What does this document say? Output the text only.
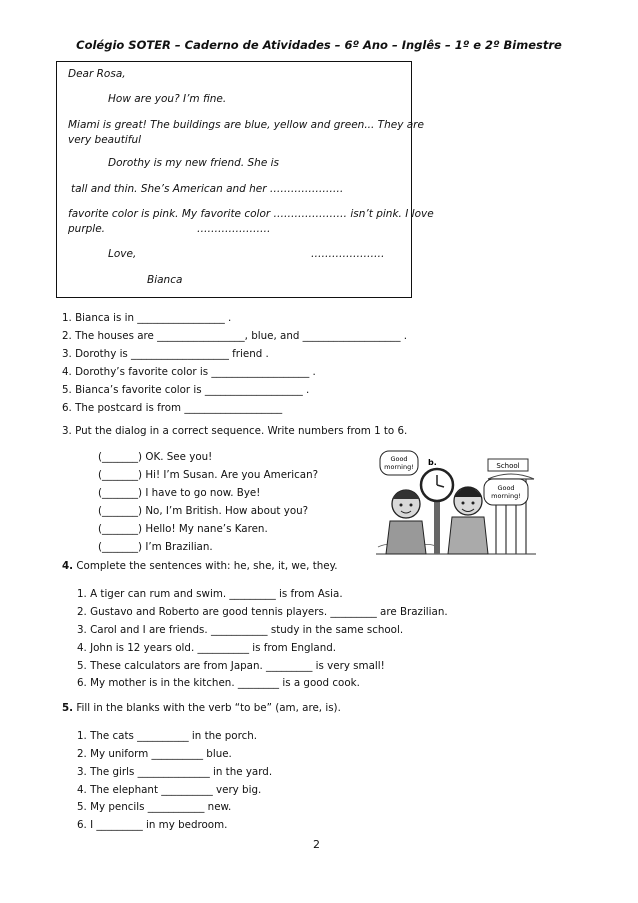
Colégio SOTER – Caderno de Atividades – 6º Ano – Inglês – 1º e 2º Bimestre
Dear Rosa,
How are you? I’m fine.
Miami is great! The buildings are blue, yellow and green... They are
very beautiful
Dorothy is my new friend. She is
tall and thin. She’s American and her …………………
favorite color is pink. My favorite color ………………… isn’t pink. I love
purple.	…………………
Love,	…………………
Bianca
1. Bianca is in _________________ .
2. The houses are _________________, blue, and ___________________ .
3. Dorothy is ___________________ friend .
4. Dorothy’s favorite color is ___________________ .
5. Bianca’s favorite color is ___________________ .
6. The postcard is from ___________________
3. Put the dialog in a correct sequence. Write numbers from 1 to 6.
(_______) OK. See you!
(_______) Hi! I’m Susan. Are you American?
(_______) I have to go now. Bye!
(_______) No, I’m British. How about you?
(_______) Hello! My nane’s Karen.
(_______) I’m Brazilian.
School
Good morning!
Good morning!
b.
4. Complete the sentences with: he, she, it, we, they.
1. A tiger can rum and swim. _________ is from Asia.
2. Gustavo and Roberto are good tennis players. _________ are Brazilian.
3. Carol and I are friends. ___________ study in the same school.
4. John is 12 years old. __________ is from England.
5. These calculators are from Japan. _________ is very small!
6. My mother is in the kitchen. ________ is a good cook.
5. Fill in the blanks with the verb “to be” (am, are, is).
1. The cats __________ in the porch.
2. My uniform __________ blue.
3. The girls ______________ in the yard.
4. The elephant __________ very big.
5. My pencils ___________ new.
6. I _________ in my bedroom.
2
